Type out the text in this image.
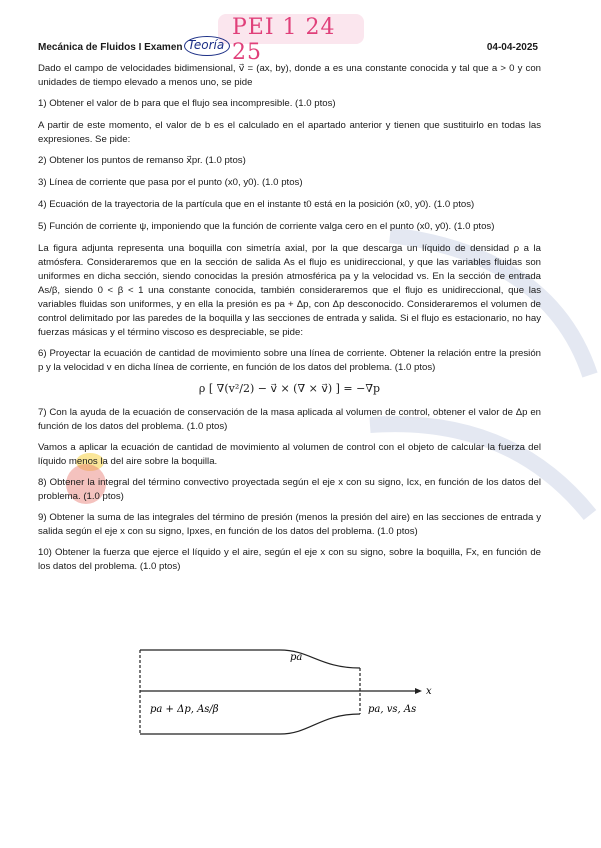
PEI 1 24 25
Mecánica de Fluidos I Examen Teoría	04-04-2025

Dado el campo de velocidades bidimensional, v⃗ = (ax, by), donde a es una constante conocida y tal que a > 0 y con unidades de tiempo elevado a menos uno, se pide

1) Obtener el valor de b para que el flujo sea incompresible. (1.0 ptos)

A partir de este momento, el valor de b es el calculado en el apartado anterior y tienen que sustituirlo en todas las expresiones. Se pide:

2) Obtener los puntos de remanso x⃗pr. (1.0 ptos)

3) Línea de corriente que pasa por el punto (x0, y0). (1.0 ptos)

4) Ecuación de la trayectoria de la partícula que en el instante t0 está en la posición (x0, y0). (1.0 ptos)

5) Función de corriente ψ, imponiendo que la función de corriente valga cero en el punto (x0, y0). (1.0 ptos)

La figura adjunta representa una boquilla con simetría axial, por la que descarga un líquido de densidad ρ a la atmósfera. Consideraremos que en la sección de salida As el flujo es unidireccional, y que las variables fluidas son uniformes en dicha sección, siendo conocidas la presión atmosférica pa y la velocidad vs. En la sección de entrada As/β, siendo 0 < β < 1 una constante conocida, también consideraremos que el flujo es unidireccional, que las variables fluidas son uniformes, y en ella la presión es pa + Δp, con Δp desconocido. Consideraremos el volumen de control delimitado por las paredes de la boquilla y las secciones de entrada y salida. Si el flujo es estacionario, no hay fuerzas másicas y el término viscoso es despreciable, se pide:

6) Proyectar la ecuación de cantidad de movimiento sobre una línea de corriente. Obtener la relación entre la presión p y la velocidad v en dicha línea de corriente, en función de los datos del problema. (1.0 ptos)

ρ [ ∇(v²/2) − v⃗ × (∇ × v⃗) ] = −∇p

7) Con la ayuda de la ecuación de conservación de la masa aplicada al volumen de control, obtener el valor de Δp en función de los datos del problema. (1.0 ptos)

Vamos a aplicar la ecuación de cantidad de movimiento al volumen de control con el objeto de calcular la fuerza del líquido menos la del aire sobre la boquilla.

8) Obtener la integral del término convectivo proyectada según el eje x con su signo, Icx, en función de los datos del problema. (1.0 ptos)

9) Obtener la suma de las integrales del término de presión (menos la presión del aire) en las secciones de entrada y salida según el eje x con su signo, Ipxes, en función de los datos del problema. (1.0 ptos)

10) Obtener la fuerza que ejerce el líquido y el aire, según el eje x con su signo, sobre la boquilla, Fx, en función de los datos del problema. (1.0 ptos)

pa
x
pa + Δp, As/β	pa, vs, As
